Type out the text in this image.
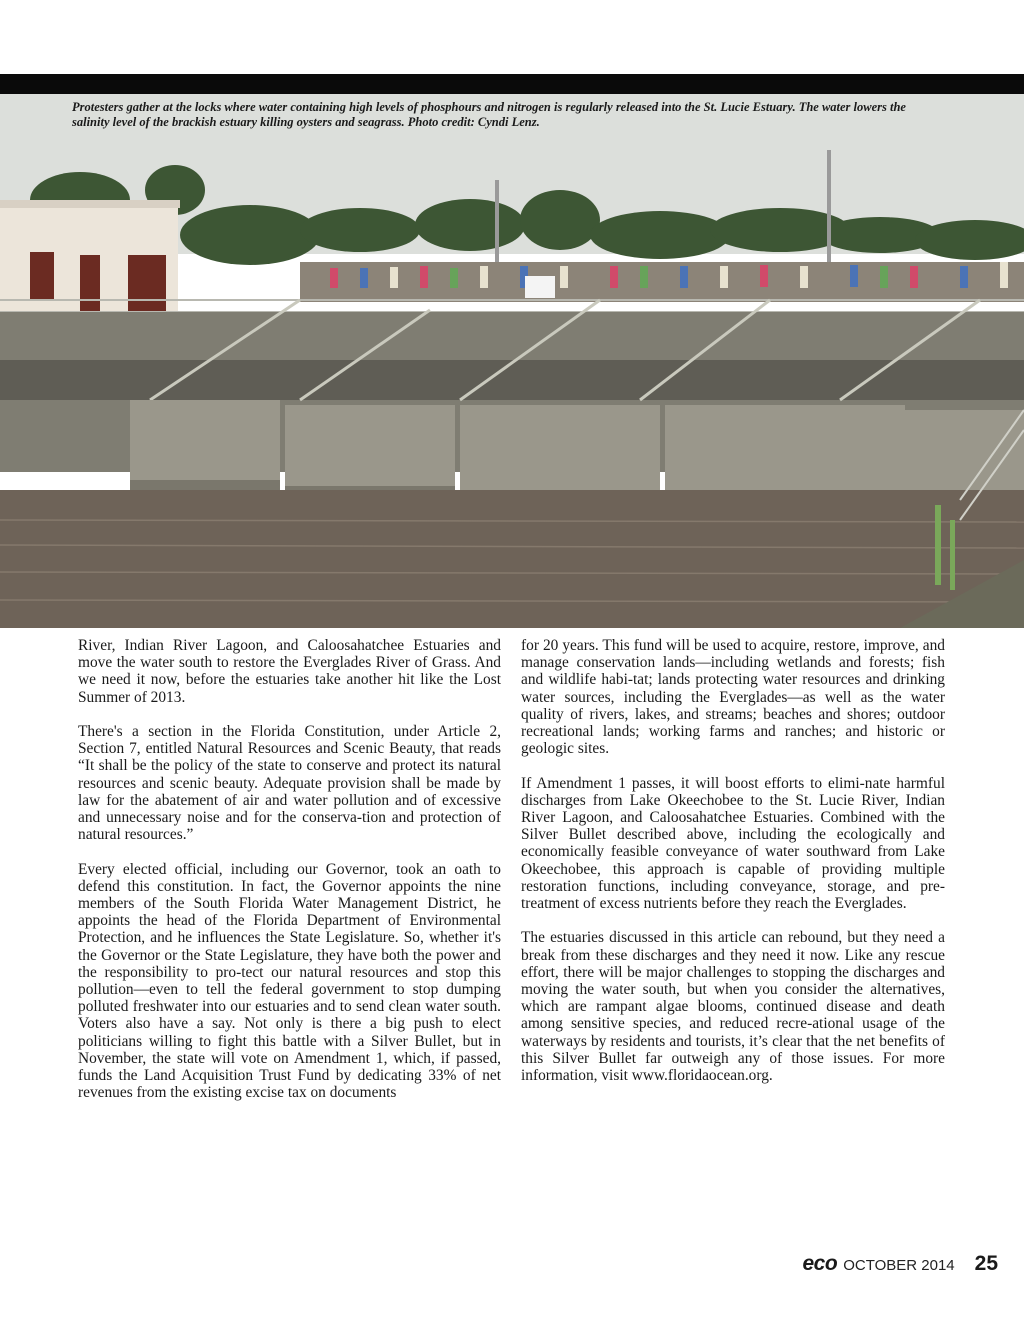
Protesters gather at the locks where water containing high levels of phosphours and nitrogen is regularly released into the St. Lucie Estuary. The water lowers the salinity level of the brackish estuary killing oysters and seagrass. Photo credit: Cyndi Lenz.

River, Indian River Lagoon, and Caloosahatchee Estuaries and move the water south to restore the Everglades River of Grass. And we need it now, before the estuaries take another hit like the Lost Summer of 2013.

There's a section in the Florida Constitution, under Article 2, Section 7, entitled Natural Resources and Scenic Beauty, that reads “It shall be the policy of the state to conserve and protect its natural resources and scenic beauty. Adequate provision shall be made by law for the abatement of air and water pollution and of excessive and unnecessary noise and for the conserva-tion and protection of natural resources.”

Every elected official, including our Governor, took an oath to defend this constitution. In fact, the Governor appoints the nine members of the South Florida Water Management District, he appoints the head of the Florida Department of Environmental Protection, and he influences the State Legislature. So, whether it's the Governor or the State Legislature, they have both the power and the responsibility to pro-tect our natural resources and stop this pollution—even to tell the federal government to stop dumping polluted freshwater into our estuaries and to send clean water south. Voters also have a say. Not only is there a big push to elect politicians willing to fight this battle with a Silver Bullet, but in November, the state will vote on Amendment 1, which, if passed, funds the Land Acquisition Trust Fund by dedicating 33% of net revenues from the existing excise tax on documents

for 20 years. This fund will be used to acquire, restore, improve, and manage conservation lands—including wetlands and forests; fish and wildlife habi-tat; lands protecting water resources and drinking water sources, including the Everglades—as well as the water quality of rivers, lakes, and streams; beaches and shores; outdoor recreational lands; working farms and ranches; and historic or geologic sites.

If Amendment 1 passes, it will boost efforts to elimi-nate harmful discharges from Lake Okeechobee to the St. Lucie River, Indian River Lagoon, and Caloosahatchee Estuaries. Combined with the Silver Bullet described above, including the ecologically and economically feasible conveyance of water southward from Lake Okeechobee, this approach is capable of providing multiple restoration functions, including conveyance, storage, and pre-treatment of excess nutrients before they reach the Everglades.

The estuaries discussed in this article can rebound, but they need a break from these discharges and they need it now. Like any rescue effort, there will be major challenges to stopping the discharges and moving the water south, but when you consider the alternatives, which are rampant algae blooms, continued disease and death among sensitive species, and reduced recre-ational usage of the waterways by residents and tourists, it’s clear that the net benefits of this Silver Bullet far outweigh any of those issues. For more information, visit www.floridaocean.org.

eco OCTOBER 2014 25
